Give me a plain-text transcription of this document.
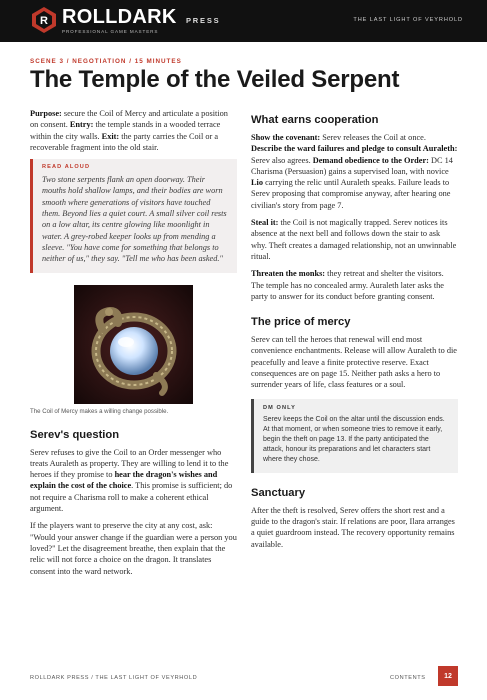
R ROLLDARK
PROFESSIONAL GAME MASTERS
PRESS	THE LAST LIGHT OF VEYRHOLD
SCENE 3 / NEGOTIATION / 15 MINUTES
The Temple of the Veiled Serpent

Purpose: secure the Coil of Mercy and articulate a position on consent. Entry: the temple stands in a wooded terrace within the city walls. Exit: the party carries the Coil or a recoverable fragment into the old stair.

READ ALOUD

Two stone serpents flank an open doorway. Their mouths hold shallow lamps, and their bodies are worn smooth where generations of visitors have touched them. Beyond lies a quiet court. A small silver coil rests on a low altar, its centre glowing like moonlight in water. A grey-robed keeper looks up from mending a sleeve. "You have come for something that belongs to neither of us," they say. "Tell me who has been asked."

The Coil of Mercy makes a willing change possible.
Serev's question

Serev refuses to give the Coil to an Order messenger who treats Auraleth as property. They are willing to lend it to the heroes if they promise to hear the dragon's wishes and explain the cost of the choice. This promise is sufficient; do not require a Charisma roll to make a coherent ethical argument.

If the players want to preserve the city at any cost, ask: "Would your answer change if the guardian were a person you loved?" Let the disagreement breathe, then explain that the relic will not force a choice on the dragon. It translates consent into the ward network.

What earns cooperation

Show the covenant: Serev releases the Coil at once. Describe the ward failures and pledge to consult Auraleth: Serev also agrees. Demand obedience to the Order: DC 14 Charisma (Persuasion) gains a supervised loan, with novice Lio carrying the relic until Auraleth speaks. Failure leads to Serev proposing that compromise anyway, after hearing one civilian's story from page 7.

Steal it: the Coil is not magically trapped. Serev notices its absence at the next bell and follows down the stair to ask why. Theft creates a damaged relationship, not an unwinnable ritual.

Threaten the monks: they retreat and shelter the visitors. The temple has no concealed army. Auraleth later asks the party to answer for its conduct before granting consent.

The price of mercy

Serev can tell the heroes that renewal will end most convenience enchantments. Release will allow Auraleth to die peacefully and leave a finite protective reserve. Exact consequences are on page 15. Neither path asks a hero to surrender years of life, class features or a soul.

DM ONLY

Serev keeps the Coil on the altar until the discussion ends. At that moment, or when someone tries to remove it early, begin the theft on page 13. If the party anticipated the attack, honour its preparations and let characters start where they chose.

Sanctuary

After the theft is resolved, Serev offers the short rest and a guide to the dragon's stair. If relations are poor, Ilara arranges a quiet guardroom instead. The recovery opportunity remains available.

ROLLDARK PRESS / THE LAST LIGHT OF VEYRHOLD	CONTENTS	12
